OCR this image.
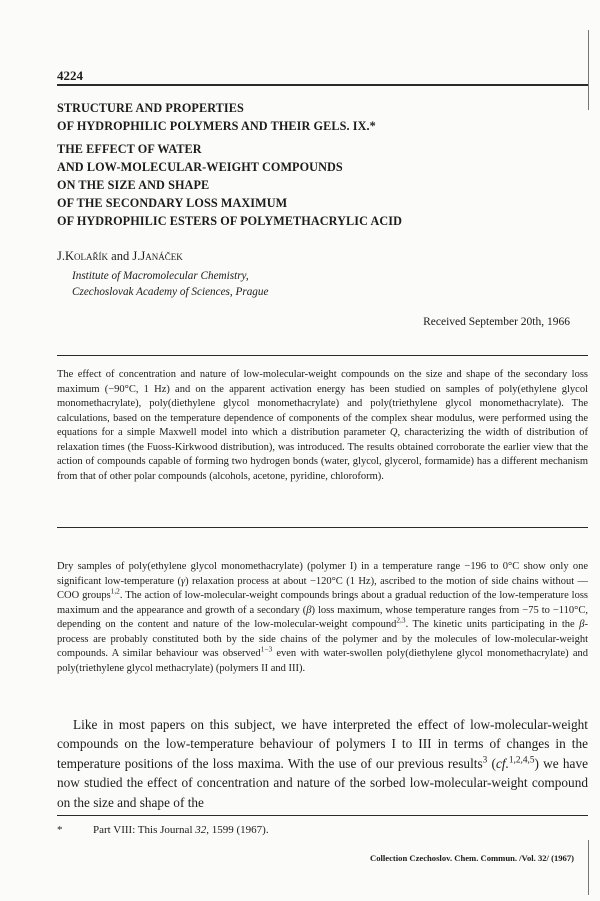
4224
STRUCTURE AND PROPERTIES
OF HYDROPHILIC POLYMERS AND THEIR GELS. IX.*
THE EFFECT OF WATER
AND LOW-MOLECULAR-WEIGHT COMPOUNDS
ON THE SIZE AND SHAPE
OF THE SECONDARY LOSS MAXIMUM
OF HYDROPHILIC ESTERS OF POLYMETHACRYLIC ACID
J.Kolařík and J.Janáček
Institute of Macromolecular Chemistry,
Czechoslovak Academy of Sciences, Prague
Received September 20th, 1966
The effect of concentration and nature of low-molecular-weight compounds on the size and shape of the secondary loss maximum (−90°C, 1 Hz) and on the apparent activation energy has been studied on samples of poly(ethylene glycol monomethacrylate), poly(diethylene glycol monomethacrylate) and poly(triethylene glycol monomethacrylate). The calculations, based on the temperature dependence of components of the complex shear modulus, were performed using the equations for a simple Maxwell model into which a distribution parameter Q, characterizing the width of distribution of relaxation times (the Fuoss-Kirkwood distribution), was introduced. The results obtained corroborate the earlier view that the action of compounds capable of forming two hydrogen bonds (water, glycol, glycerol, formamide) has a different mechanism from that of other polar compounds (alcohols, acetone, pyridine, chloroform).
Dry samples of poly(ethylene glycol monomethacrylate) (polymer I) in a temperature range −196 to 0°C show only one significant low-temperature (γ) relaxation process at about −120°C (1 Hz), ascribed to the motion of side chains without —COO groups$^{1,2}$. The action of low-molecular-weight compounds brings about a gradual reduction of the low-temperature loss maximum and the appearance and growth of a secondary (β) loss maximum, whose temperature ranges from −75 to −110°C, depending on the content and nature of the low-molecular-weight compound$^{2,3}$. The kinetic units participating in the β-process are probably constituted both by the side chains of the polymer and by the molecules of low-molecular-weight compounds. A similar behaviour was observed$^{1-3}$ even with water-swollen poly(diethylene glycol monomethacrylate) and poly(triethylene glycol methacrylate) (polymers II and III).
Like in most papers on this subject, we have interpreted the effect of low-molecular-weight compounds on the low-temperature behaviour of polymers I to III in terms of changes in the temperature positions of the loss maxima. With the use of our previous results$^3$ (cf.$^{1,2,4,5}$) we have now studied the effect of concentration and nature of the sorbed low-molecular-weight compound on the size and shape of the
*	Part VIII: This Journal 32, 1599 (1967).
Collection Czechoslov. Chem. Commun. /Vol. 32/ (1967)
